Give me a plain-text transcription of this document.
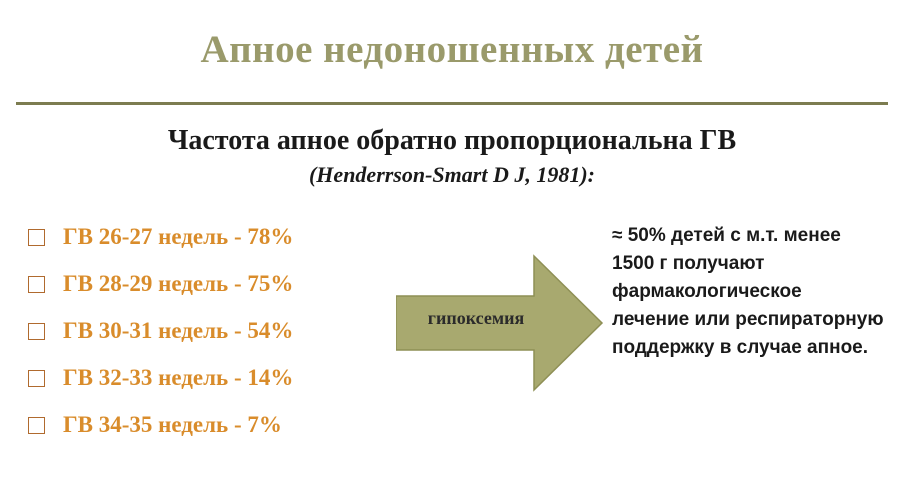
Апное недоношенных детей
Частота апное обратно пропорциональна ГВ
(Henderrson-Smart D J, 1981):
ГВ 26-27 недель - 78%
ГВ 28-29 недель - 75%
ГВ 30-31 недель - 54%
ГВ 32-33 недель - 14%
ГВ 34-35 недель - 7%
гипоксемия
≈ 50% детей с м.т. менее 1500 г получают фармакологическое лечение или респираторную поддержку в случае апное.
